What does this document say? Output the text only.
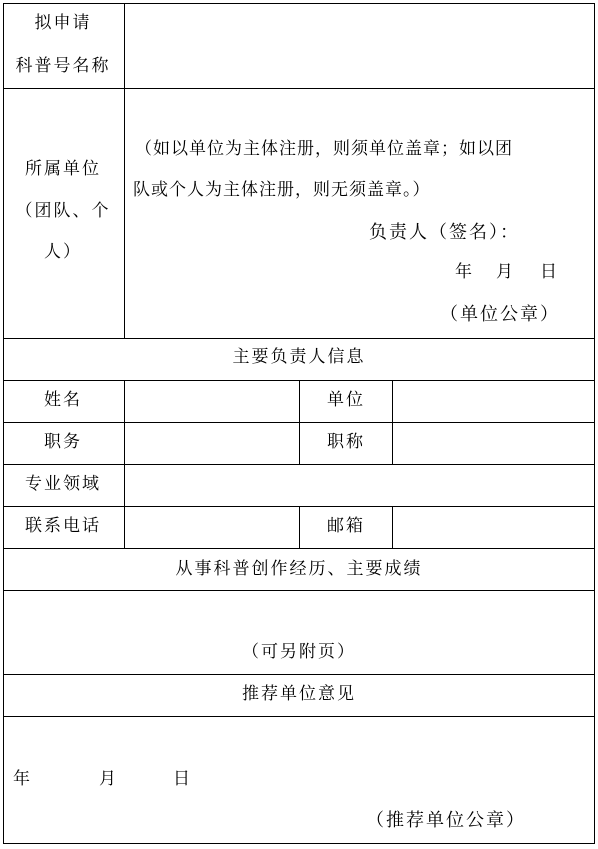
拟申请
科普号名称
所属单位
（团队、个
人）
（如以单位为主体注册，则须单位盖章；如以团
队或个人为主体注册，则无须盖章。）
负责人（签名）：
年 月 日
（单位公章）
主要负责人信息
姓名	单位
职务	职称
专业领域
联系电话	邮箱
从事科普创作经历、主要成绩
（可另附页）
推荐单位意见
年	月	日
（推荐单位公章）
